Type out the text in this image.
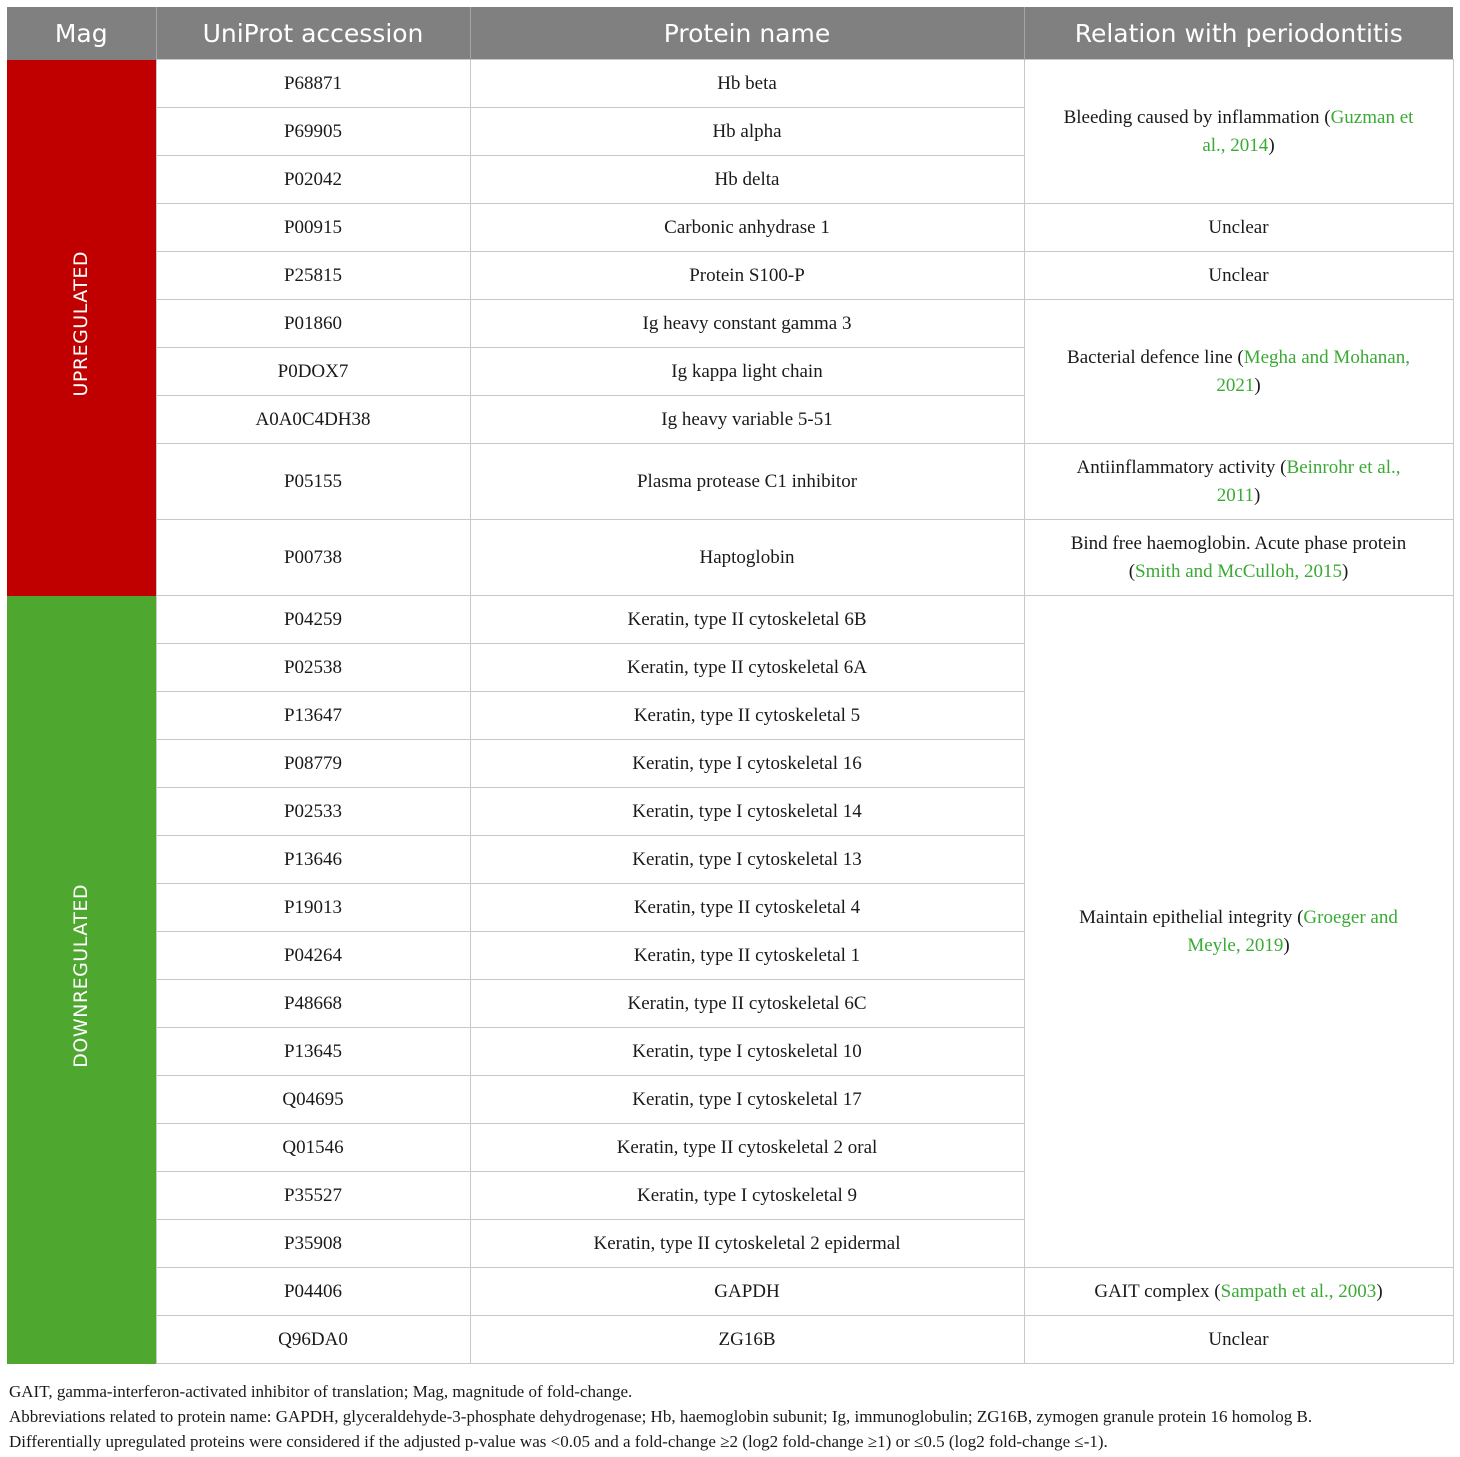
Mag	UniProt accession	Protein name	Relation with periodontitis
UPREGULATED	P68871	Hb beta	Bleeding caused by inflammation (Guzman et al., 2014)
	P69905	Hb alpha	
	P02042	Hb delta	
	P00915	Carbonic anhydrase 1	Unclear
	P25815	Protein S100-P	Unclear
	P01860	Ig heavy constant gamma 3	Bacterial defence line (Megha and Mohanan, 2021)
	P0DOX7	Ig kappa light chain	
	A0A0C4DH38	Ig heavy variable 5-51	
	P05155	Plasma protease C1 inhibitor	Antiinflammatory activity (Beinrohr et al., 2011)
	P00738	Haptoglobin	Bind free haemoglobin. Acute phase protein (Smith and McCulloh, 2015)
DOWNREGULATED	P04259	Keratin, type II cytoskeletal 6B	Maintain epithelial integrity (Groeger and Meyle, 2019)
	P02538	Keratin, type II cytoskeletal 6A	
	P13647	Keratin, type II cytoskeletal 5	
	P08779	Keratin, type I cytoskeletal 16	
	P02533	Keratin, type I cytoskeletal 14	
	P13646	Keratin, type I cytoskeletal 13	
	P19013	Keratin, type II cytoskeletal 4	
	P04264	Keratin, type II cytoskeletal 1	
	P48668	Keratin, type II cytoskeletal 6C	
	P13645	Keratin, type I cytoskeletal 10	
	Q04695	Keratin, type I cytoskeletal 17	
	Q01546	Keratin, type II cytoskeletal 2 oral	
	P35527	Keratin, type I cytoskeletal 9	
	P35908	Keratin, type II cytoskeletal 2 epidermal	
	P04406	GAPDH	GAIT complex (Sampath et al., 2003)
	Q96DA0	ZG16B	Unclear

GAIT, gamma-interferon-activated inhibitor of translation; Mag, magnitude of fold-change.

Abbreviations related to protein name: GAPDH, glyceraldehyde-3-phosphate dehydrogenase; Hb, haemoglobin subunit; Ig, immunoglobulin; ZG16B, zymogen granule protein 16 homolog B.

Differentially upregulated proteins were considered if the adjusted p-value was <0.05 and a fold-change ≥2 (log2 fold-change ≥1) or ≤0.5 (log2 fold-change ≤-1).
